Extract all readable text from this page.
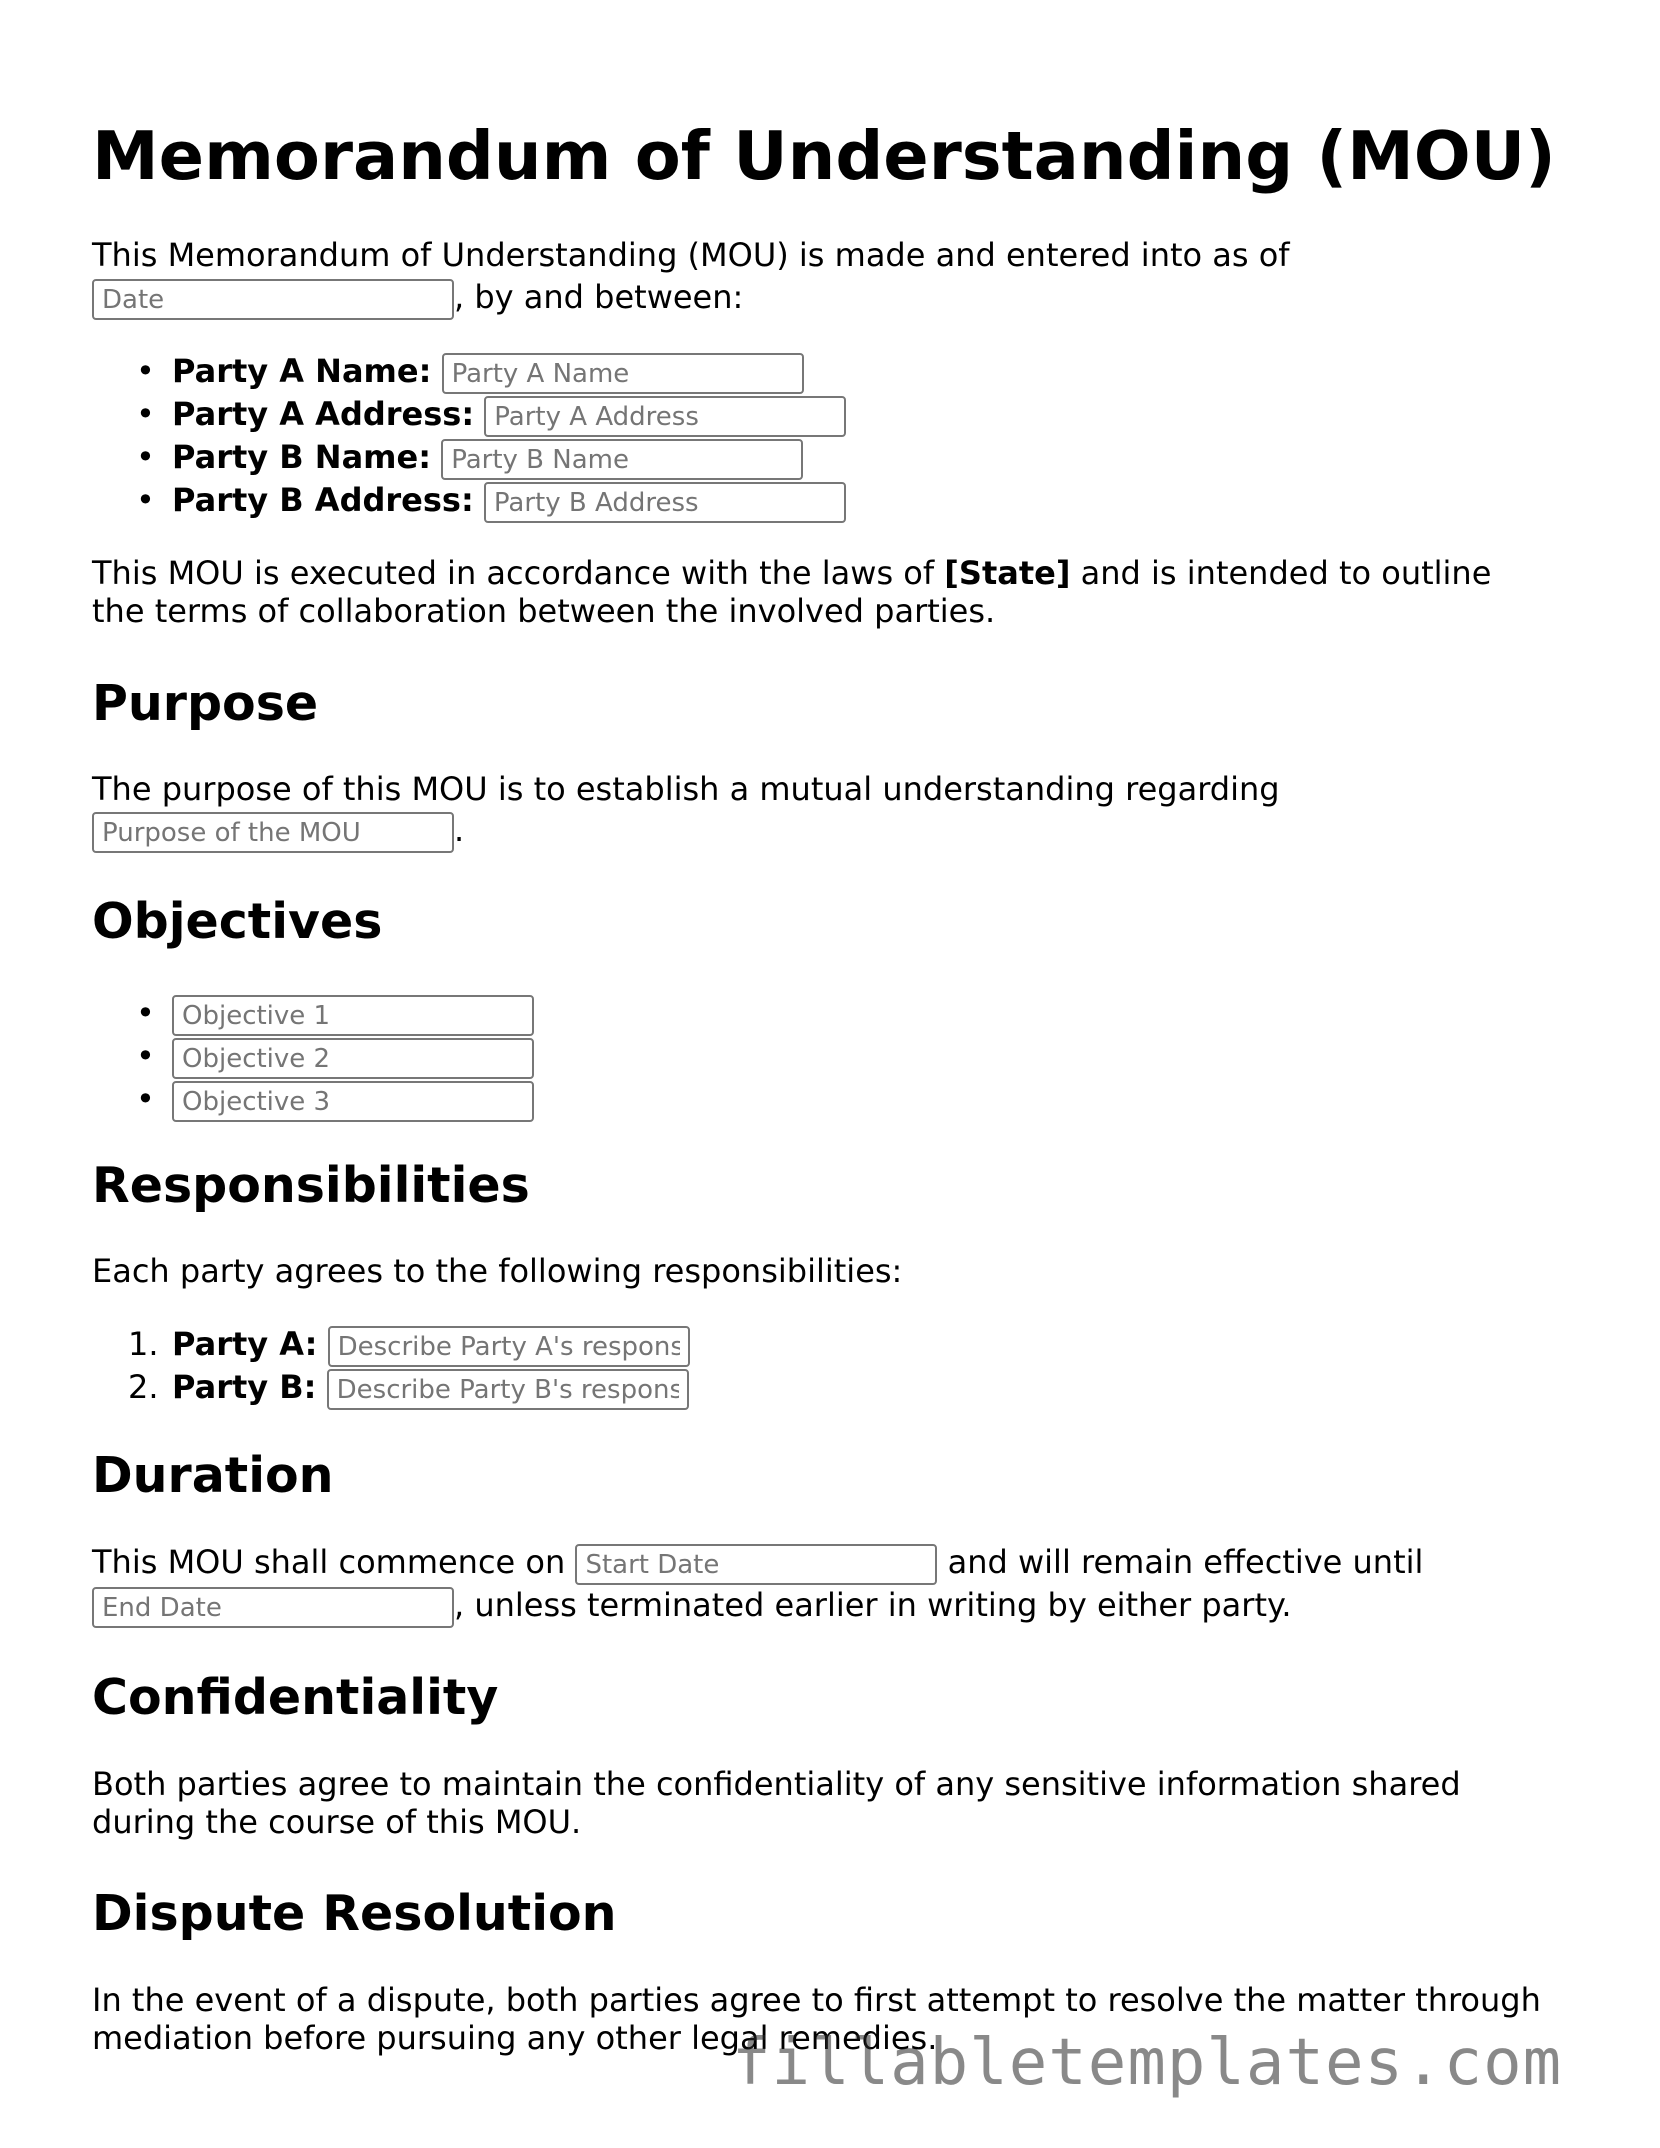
Memorandum of Understanding (MOU)

This Memorandum of Understanding (MOU) is made and entered into as of

Date, by and between:
• Party A Name: Party A Name
• Party A Address: Party A Address
• Party B Name: Party B Name
• Party B Address: Party B Address

This MOU is executed in accordance with the laws of [State] and is intended to outline

the terms of collaboration between the involved parties.

Purpose

The purpose of this MOU is to establish a mutual understanding regarding

Purpose of the MOU.
Objectives
•
Objective 1
•
Objective 2
•
Objective 3
Responsibilities

Each party agrees to the following responsibilities:

1. Party A: Describe Party A's responsibilities
2. Party B: Describe Party B's responsibilities
Duration
This MOU shall commence on Start Date	and will remain effective until
End Date, unless terminated earlier in writing by either party.
Confidentiality

Both parties agree to maintain the confidentiality of any sensitive information shared

during the course of this MOU.

Dispute Resolution

In the event of a dispute, both parties agree to first attempt to resolve the matter through

mediation before pursuing any other legal remedies.

fillabletemplates.com
